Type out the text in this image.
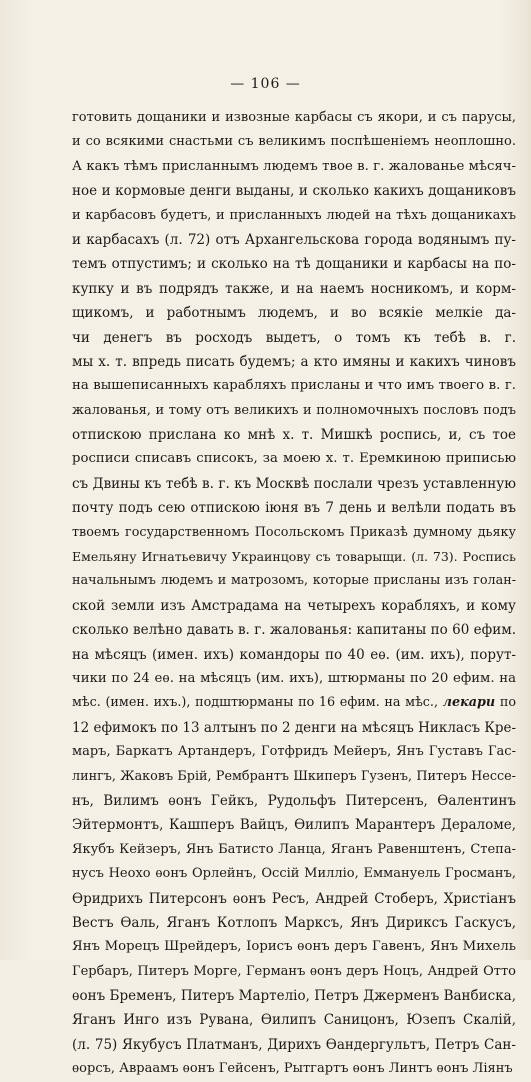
— 106 —
готовить дощаники и извозные карбасы съ якори, и съ парусы,
и со всякими снастьми съ великимъ поспѣшенiемъ неоплошно.
А какъ тѣмъ присланнымъ людемъ твое в. г. жалованье мѣсяч-
ное и кормовые денги выданы, и сколько какихъ дощаниковъ
и карбасовъ будетъ, и присланныхъ людей на тѣхъ дощаникахъ
и карбасахъ (л. 72) отъ Архангельскова города водянымъ пу-
темъ отпустимъ; и сколько на тѣ дощаники и карбасы на по-
купку и въ подрядъ также, и на наемъ носникомъ, и корм-
щикомъ, и работнымъ людемъ, и во всякiе мелкiе да-
чи денегъ въ росходъ выдетъ, о томъ къ тебѣ в. г.
мы х. т. впредь писать будемъ; а кто имяны и какихъ чиновъ
на вышеписанныхъ карабляхъ присланы и что имъ твоего в. г.
жалованья, и тому отъ великихъ и полномочныхъ пословъ подъ
отпискою прислана ко мнѣ х. т. Мишкѣ роспись, и, съ тое
росписи списавъ списокъ, за моею х. т. Еремкиною приписью
съ Двины къ тебѣ в. г. къ Москвѣ послали чрезъ уставленную
почту подъ сею отпискою iюня въ 7 день и велѣли подать въ
твоемъ государственномъ Посольскомъ Приказѣ думному дьяку
Емельяну Игнатьевичу Украинцову съ товарыщи. (л. 73). Роспись
начальнымъ людемъ и матрозомъ, которые присланы изъ голан-
ской земли изъ Амстрадама на четырехъ корабляхъ, и кому
сколько велѣно давать в. г. жалованья: капитаны по 60 ефим.
на мѣсяцъ (имен. ихъ) командоры по 40 еѳ. (им. ихъ), порут-
чики по 24 еѳ. на мѣсяцъ (им. ихъ), штюрманы по 20 ефим. на
мѣс. (имен. ихъ.), подштюрманы по 16 ефим. на мѣс., лекари по
12 ефимокъ по 13 алтынъ по 2 денги на мѣсяцъ Никласъ Кре-
маръ, Баркатъ Артандеръ, Готфридъ Мейеръ, Янъ Густавъ Гас-
лингъ, Жаковъ Брiй, Рембрантъ Шкиперъ Гузенъ, Питеръ Нессе-
нъ, Вилимъ ѳонъ Гейкъ, Рудольфъ Питерсенъ, Ѳалентинъ
Эйтермонтъ, Кашперъ Вайцъ, Ѳилипъ Марантеръ Дераломе,
Якубъ Кейзеръ, Янъ Батисто Ланца, Яганъ Равенштенъ, Степа-
нусъ Неохо ѳонъ Орлейнъ, Оссiй Миллiо, Еммануель Гросманъ,
Ѳридрихъ Питерсонъ ѳонъ Ресъ, Андрей Стоберъ, Христiанъ
Вестъ Ѳаль, Яганъ Котлопъ Марксъ, Янъ Дириксъ Гаскусъ,
Янъ Морецъ Шрейдеръ, Iорисъ ѳонъ деръ Гавенъ, Янъ Михель
Гербаръ, Питеръ Морге, Германъ ѳонъ деръ Ноцъ, Андрей Отто
ѳонъ Бременъ, Питеръ Мартелiо, Петръ Джерменъ Ванбиска,
Яганъ Инго изъ Рувана, Ѳилипъ Саницонъ, Юзепъ Скалiй,
(л. 75) Якубусъ Платманъ, Дирихъ Ѳандергультъ, Петръ Сан-
ѳорсъ, Авраамъ ѳонъ Гейсенъ, Рытгартъ ѳонъ Линтъ ѳонъ Лiянъ
